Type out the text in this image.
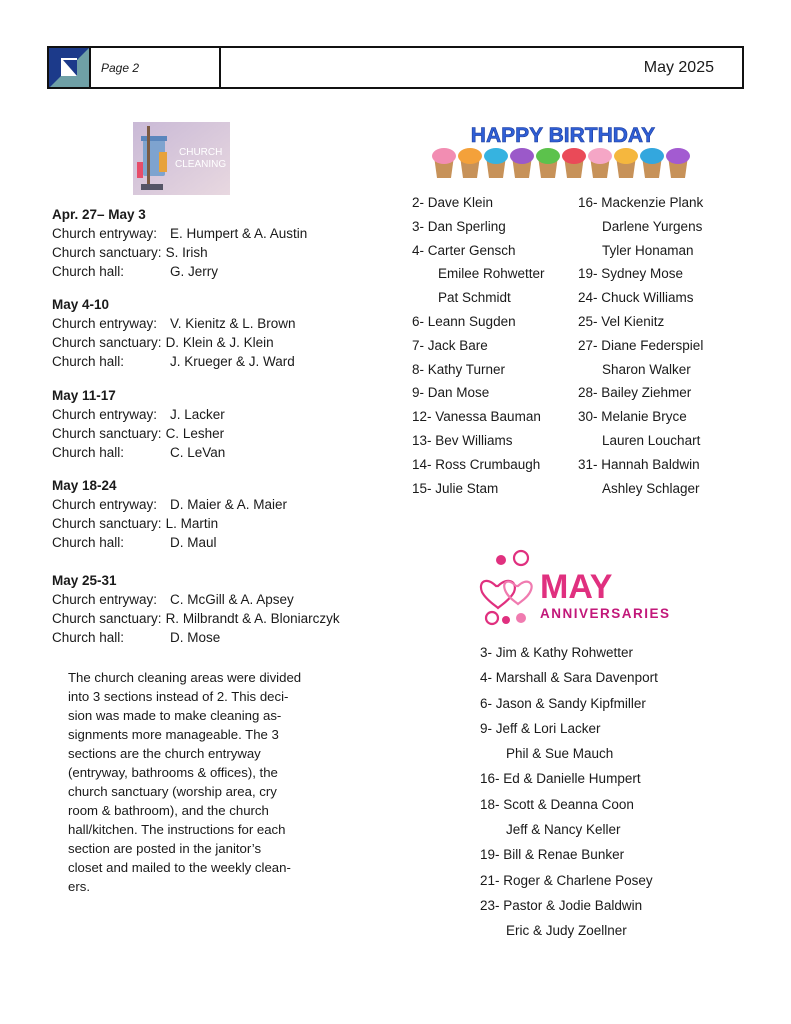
Page 2	May 2025
CHURCH
CLEANING
Apr. 27– May 3
Church entryway: E. Humpert & A. Austin
Church sanctuary: S. Irish
Church hall:	G. Jerry
May 4-10
Church entryway: V. Kienitz & L. Brown
Church sanctuary: D. Klein & J. Klein
Church hall:	J. Krueger & J. Ward
May 11-17
Church entryway: J. Lacker
Church sanctuary: C. Lesher
Church hall:	C. LeVan
May 18-24
Church entryway: D. Maier & A. Maier
Church sanctuary: L. Martin
Church hall:	D. Maul
May 25-31
Church entryway: C. McGill & A. Apsey
Church sanctuary: R. Milbrandt & A. Bloniarczyk
Church hall:	D. Mose
The church cleaning areas were divided
into 3 sections instead of 2. This deci-
sion was made to make cleaning as-
signments more manageable. The 3
sections are the church entryway
(entryway, bathrooms & offices), the
church sanctuary (worship area, cry
room & bathroom), and the church
hall/kitchen. The instructions for each
section are posted in the janitor’s
closet and mailed to the weekly clean-
ers.
HAPPY BIRTHDAY
2- Dave Klein
3- Dan Sperling
4- Carter Gensch
Emilee Rohwetter
Pat Schmidt
6- Leann Sugden
7- Jack Bare
8- Kathy Turner
9- Dan Mose
12- Vanessa Bauman
13- Bev Williams
14- Ross Crumbaugh
15- Julie Stam
16- Mackenzie Plank
Darlene Yurgens
Tyler Honaman
19- Sydney Mose
24- Chuck Williams
25- Vel Kienitz
27- Diane Federspiel
Sharon Walker
28- Bailey Ziehmer
30- Melanie Bryce
Lauren Louchart
31- Hannah Baldwin
Ashley Schlager
MAY
ANNIVERSARIES
3- Jim & Kathy Rohwetter
4- Marshall & Sara Davenport
6- Jason & Sandy Kipfmiller
9- Jeff & Lori Lacker
Phil & Sue Mauch
16- Ed & Danielle Humpert
18- Scott & Deanna Coon
Jeff & Nancy Keller
19- Bill & Renae Bunker
21- Roger & Charlene Posey
23- Pastor & Jodie Baldwin
Eric & Judy Zoellner
